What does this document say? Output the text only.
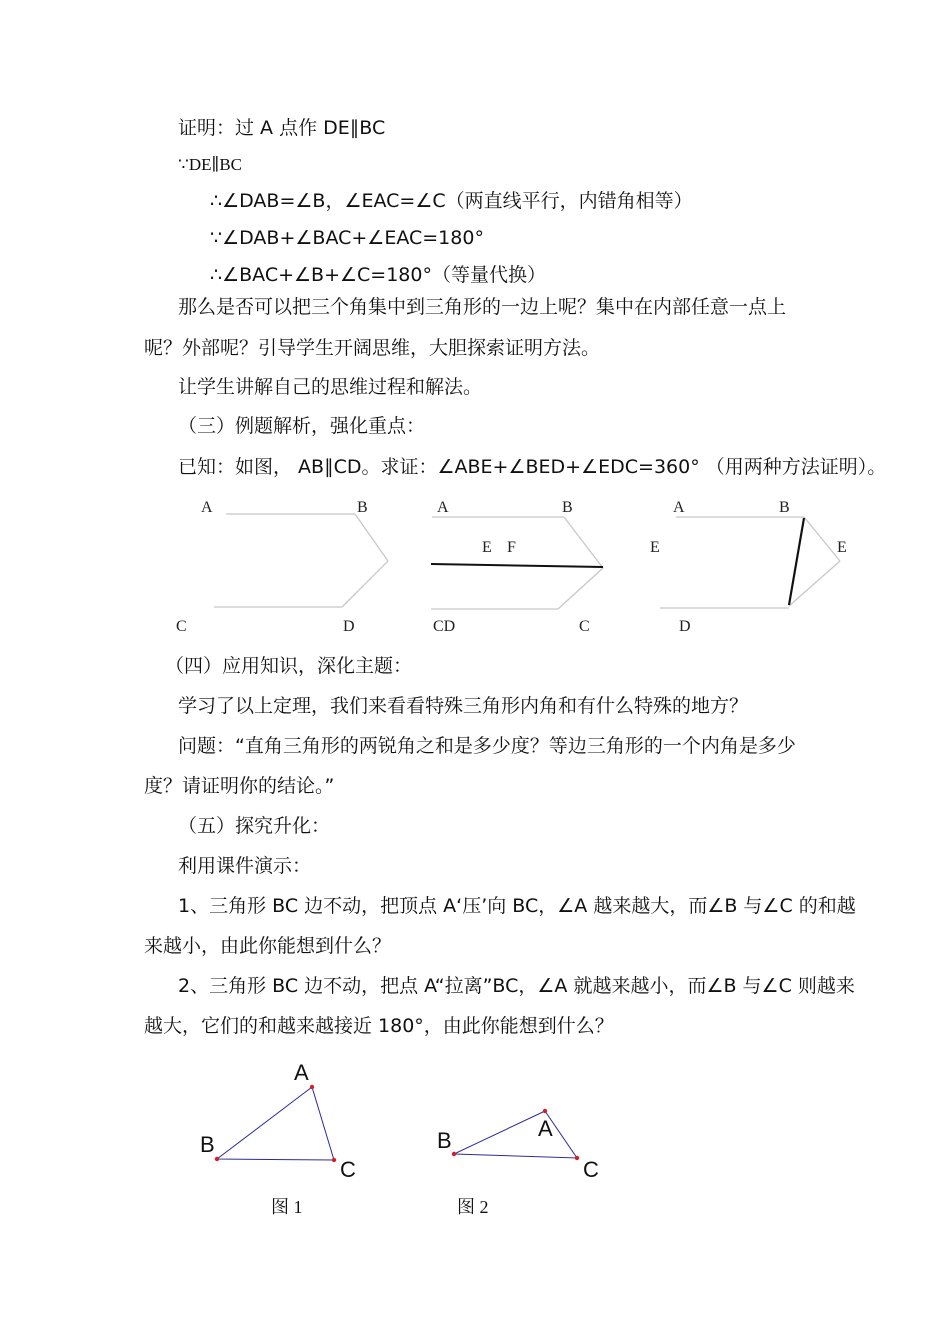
证明：过 A 点作 DE∥BC
∵DE∥BC
∴∠DAB=∠B，∠EAC=∠C（两直线平行，内错角相等）
∵∠DAB+∠BAC+∠EAC=180°
∴∠BAC+∠B+∠C=180°（等量代换）
那么是否可以把三个角集中到三角形的一边上呢？集中在内部任意一点上
呢？外部呢？引导学生开阔思维，大胆探索证明方法。
让学生讲解自己的思维过程和解法。
（三）例题解析，强化重点：
已知：如图， AB∥CD。求证：∠ABE+∠BED+∠EDC=360° （用两种方法证明）。
A	B
C	D
A	B
E F
CD	C
A	B
E	E
D
（四）应用知识，深化主题：
学习了以上定理，我们来看看特殊三角形内角和有什么特殊的地方？
问题：“直角三角形的两锐角之和是多少度？等边三角形的一个内角是多少
度？请证明你的结论。”
（五）探究升化：
利用课件演示：
1、三角形 BC 边不动，把顶点 A‘压’向 BC，∠A 越来越大，而∠B 与∠C 的和越
来越小，由此你能想到什么？
2、三角形 BC 边不动，把点 A“拉离”BC，∠A 就越来越小，而∠B 与∠C 则越来
越大，它们的和越来越接近 180°，由此你能想到什么？
A
B
C
图 1
A
B
C
图 2
